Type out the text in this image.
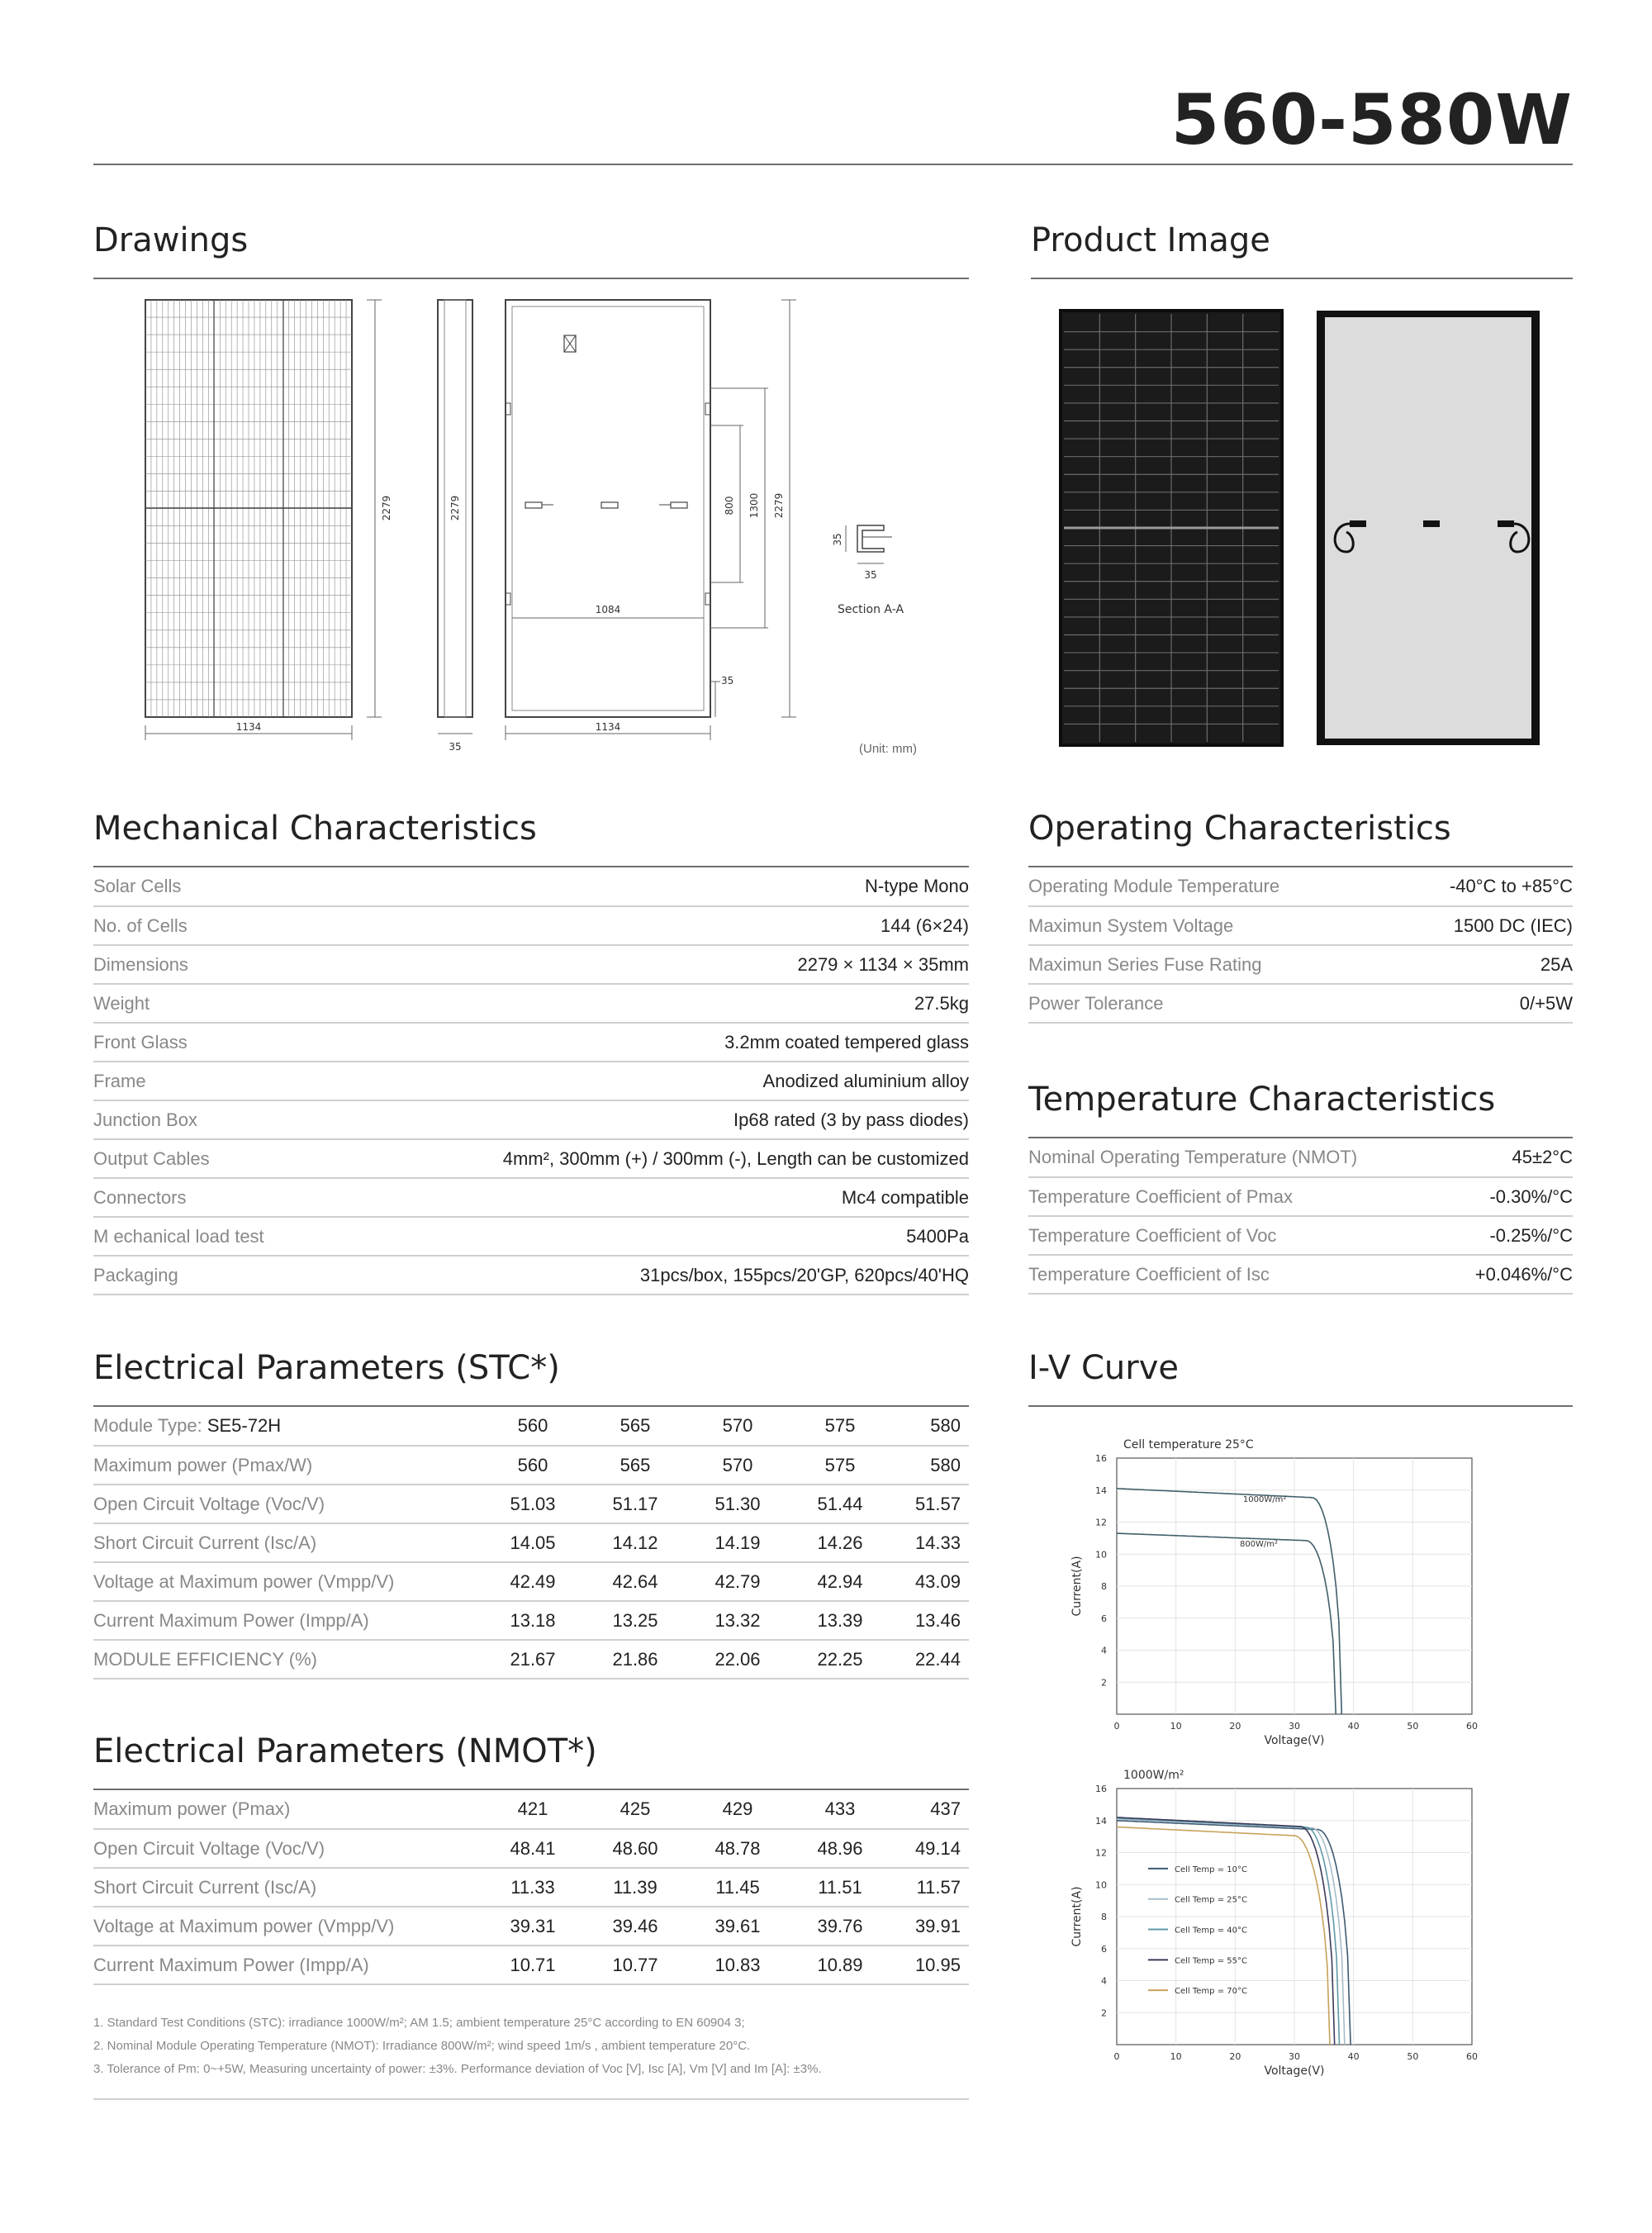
560-580W
Drawings
1134
2279	2279
35
1084
1134
800 1300 2279
35
35
35
Section A-A
(Unit: mm)
Product Image
Mechanical Characteristics
Solar Cells	N-type Mono
No. of Cells	144 (6×24)
Dimensions	2279 × 1134 × 35mm
Weight	27.5kg
Front Glass	3.2mm coated tempered glass
Frame	Anodized aluminium alloy
Junction Box	Ip68 rated (3 by pass diodes)
Output Cables	4mm², 300mm (+) / 300mm (-), Length can be customized
Connectors	Mc4 compatible
M echanical load test	5400Pa
Packaging	31pcs/box, 155pcs/20'GP, 620pcs/40'HQ
Operating Characteristics
Operating Module Temperature	-40°C to +85°C
Maximun System Voltage	1500 DC (IEC)
Maximun Series Fuse Rating	25A
Power Tolerance	0/+5W
Temperature Characteristics
Nominal Operating Temperature (NMOT)	45±2°C
Temperature Coefficient of Pmax	-0.30%/°C
Temperature Coefficient of Voc	-0.25%/°C
Temperature Coefficient of Isc	+0.046%/°C
Electrical Parameters (STC*)
Module Type: SE5-72H	560	565	570	575	580
Maximum power (Pmax/W)	560	565	570	575	580
Open Circuit Voltage (Voc/V)	51.03	51.17	51.30	51.44	51.57
Short Circuit Current (Isc/A)	14.05	14.12	14.19	14.26	14.33
Voltage at Maximum power (Vmpp/V)	42.49	42.64	42.79	42.94	43.09
Current Maximum Power (Impp/A)	13.18	13.25	13.32	13.39	13.46
MODULE EFFICIENCY (%)	21.67	21.86	22.06	22.25	22.44
Electrical Parameters (NMOT*)
Maximum power (Pmax)	421	425	429	433	437
Open Circuit Voltage (Voc/V)	48.41	48.60	48.78	48.96	49.14
Short Circuit Current (Isc/A)	11.33	11.39	11.45	11.51	11.57
Voltage at Maximum power (Vmpp/V)	39.31	39.46	39.61	39.76	39.91
Current Maximum Power (Impp/A)	10.71	10.77	10.83	10.89	10.95
1. Standard Test Conditions (STC): irradiance 1000W/m²; AM 1.5; ambient temperature 25°C according to EN 60904 3;
2. Nominal Module Operating Temperature (NMOT): Irradiance 800W/m²; wind speed 1m/s , ambient temperature 20°C.
3. Tolerance of Pm: 0~+5W, Measuring uncertainty of power: ±3%. Performance deviation of Voc [V], Isc [A], Vm [V] and Im [A]: ±3%.
I-V Curve
0	10	20	30	40	50	60
2
4
6
8
10
12
14
16
Voltage(V)
Current(A)
Cell temperature 25°C
1000W/m²
800W/m²
0	10	20	30	40	50	60
2
4
6
8
10
12
14
16
Voltage(V)
Current(A)
1000W/m²
Cell Temp = 10°C
Cell Temp = 25°C
Cell Temp = 40°C
Cell Temp = 55°C
Cell Temp = 70°C
